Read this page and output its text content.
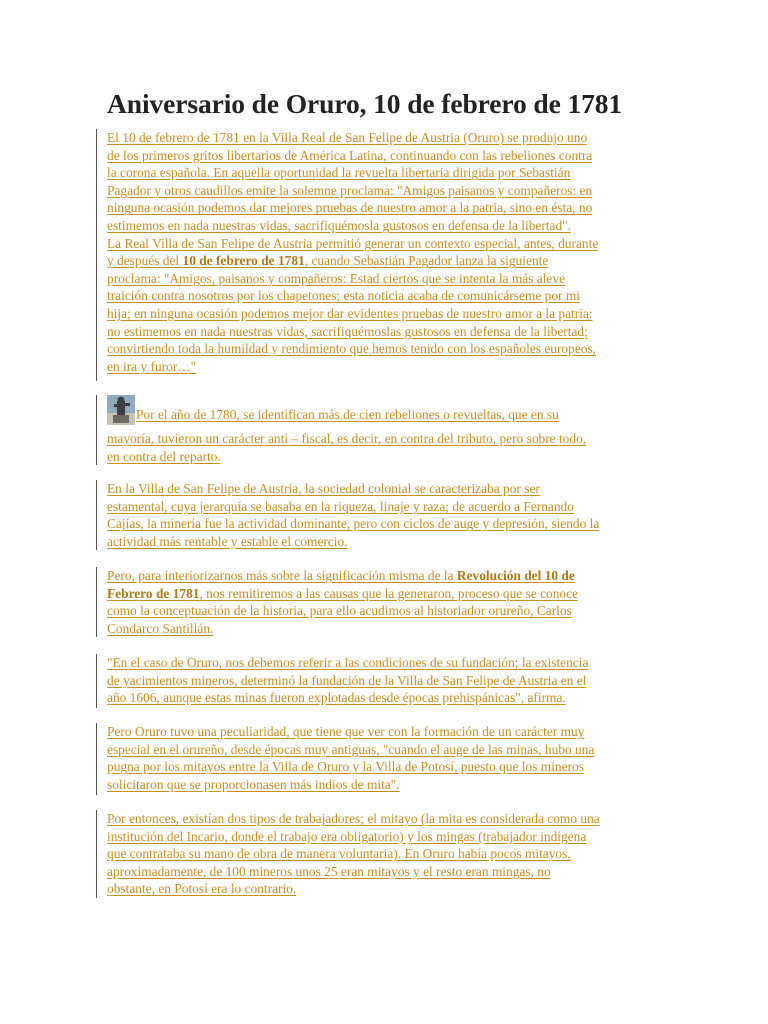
Aniversario de Oruro, 10 de febrero de 1781
El 10 de febrero de 1781 en la Villa Real de San Felipe de Austria (Oruro) se produjo uno
de los primeros gritos libertarios de América Latina, continuando con las rebeliones contra
la corona española. En aquella oportunidad la revuelta libertaria dirigida por Sebastián
Pagador y otros caudillos emite la solemne proclama: "Amigos paisanos y compañeros: en
ninguna ocasión podemos dar mejores pruebas de nuestro amor a la patria, sino en ésta, no
estimemos en nada nuestras vidas, sacrifiquémosla gustosos en defensa de la libertad".
La Real Villa de San Felipe de Austria permitió generar un contexto especial, antes, durante
y después del 10 de febrero de 1781, cuando Sebastián Pagador lanza la siguiente
proclama: "Amigos, paisanos y compañeros: Estad ciertos que se intenta la más aleve
traición contra nosotros por los chapetones; esta noticia acaba de comunicárseme por mi
hija; en ninguna ocasión podemos mejor dar evidentes pruebas de nuestro amor a la patria:
no estimemos en nada nuestras vidas, sacrifiquémoslas gustosos en defensa de la libertad;
convirtiendo toda la humildad y rendimiento que hemos tenido con los españoles europeos,
en ira y furor…"
Por el año de 1780, se identifican más de cien rebeliones o revueltas, que en su
mayoría, tuvieron un carácter anti – fiscal, es decir, en contra del tributo, pero sobre todo,
en contra del reparto.
En la Villa de San Felipe de Austria, la sociedad colonial se caracterizaba por ser
estamental, cuya jerarquía se basaba en la riqueza, linaje y raza; de acuerdo a Fernando
Cajías, la minería fue la actividad dominante, pero con ciclos de auge y depresión, siendo la
actividad más rentable y estable el comercio.
Pero, para interiorizarnos más sobre la significación misma de la Revolución del 10 de
Febrero de 1781, nos remitiremos a las causas que la generaron, proceso que se conoce
como la conceptuación de la historia, para ello acudimos al historiador orureño, Carlos
Condarco Santillán.
"En el caso de Oruro, nos debemos referir a las condiciones de su fundación; la existencia
de yacimientos mineros, determinó la fundación de la Villa de San Felipe de Austria en el
año 1606, aunque estas minas fueron explotadas desde épocas prehispánicas", afirma.
Pero Oruro tuvo una peculiaridad, que tiene que ver con la formación de un carácter muy
especial en el orureño, desde épocas muy antiguas, "cuando el auge de las minas, hubo una
pugna por los mitayos entre la Villa de Oruro y la Villa de Potosí, puesto que los mineros
solicitaron que se proporcionasen más indios de mita".
Por entonces, existían dos tipos de trabajadores; el mitayo (la mita es considerada como una
institución del Incario, donde el trabajo era obligatorio) y los mingas (trabajador indígena
que contrataba su mano de obra de manera voluntaria). En Oruro había pocos mitayos,
aproximadamente, de 100 mineros unos 25 eran mitayos y el resto eran mingas, no
obstante, en Potosí era lo contrario.
